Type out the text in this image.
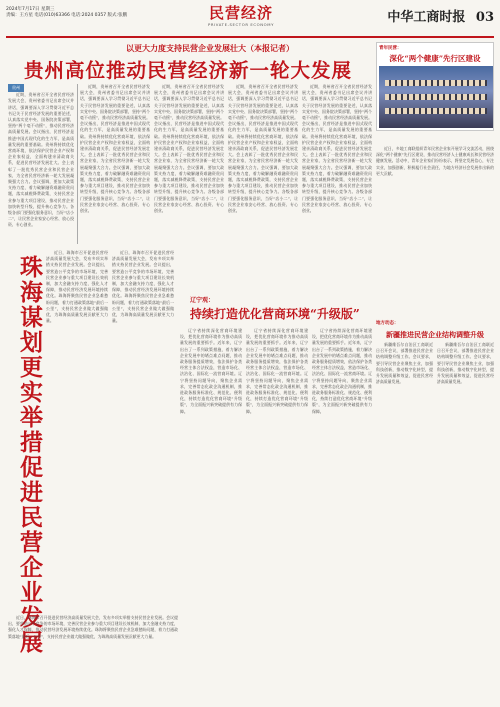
2024年7月17日 星期三
责编：王方星 电话(010)63366 电话:2024 0357 版式:张鹏	民营经济
PRIVATE-SECTOR ECONOMY	中华工商时报 03
以更大力度支持民营企业发展壮大（本报记者）
贵州高位推动民营经济新一轮大发展
贵州

近期，贵州省召开全省民营经济发展大会，贵州省委书记出席会议并讲话，强调要深入学习贯彻习近平总书记关于民营经济发展的重要论述，认真落实党中央、国务院决策部署，坚持“两个毫不动摇”，推动民营经济高质量发展。会议指出，民营经济是推进中国式现代化的生力军，是高质量发展的重要基础。贵州将持续优化营商环境，依法保护民营企业产权和企业家权益，全面构建亲清政商关系，促进民营经济发展壮大。会上表彰了一批优秀民营企业和民营企业家，为全省民营经济新一轮大发展凝聚强大合力。会议强调，要加大政策支持力度，着力破解融资难融资贵问题，落实减税降费政策，支持民营企业参与重大项目建设，推动民营企业加快转型升级，提升核心竞争力。各级各部门要强化服务意识，当好“店小二”，让民营企业家安心经营、放心投资、专心创业。

近期，贵州省召开全省民营经济发展大会，贵州省委书记出席会议并讲话，强调要深入学习贯彻习近平总书记关于民营经济发展的重要论述，认真落实党中央、国务院决策部署，坚持“两个毫不动摇”，推动民营经济高质量发展。会议指出，民营经济是推进中国式现代化的生力军，是高质量发展的重要基础。贵州将持续优化营商环境，依法保护民营企业产权和企业家权益，全面构建亲清政商关系，促进民营经济发展壮大。会上表彰了一批优秀民营企业和民营企业家，为全省民营经济新一轮大发展凝聚强大合力。会议强调，要加大政策支持力度，着力破解融资难融资贵问题，落实减税降费政策，支持民营企业参与重大项目建设，推动民营企业加快转型升级，提升核心竞争力。各级各部门要强化服务意识，当好“店小二”，让民营企业家安心经营、放心投资、专心创业。

近期，贵州省召开全省民营经济发展大会，贵州省委书记出席会议并讲话，强调要深入学习贯彻习近平总书记关于民营经济发展的重要论述，认真落实党中央、国务院决策部署，坚持“两个毫不动摇”，推动民营经济高质量发展。会议指出，民营经济是推进中国式现代化的生力军，是高质量发展的重要基础。贵州将持续优化营商环境，依法保护民营企业产权和企业家权益，全面构建亲清政商关系，促进民营经济发展壮大。会上表彰了一批优秀民营企业和民营企业家，为全省民营经济新一轮大发展凝聚强大合力。会议强调，要加大政策支持力度，着力破解融资难融资贵问题，落实减税降费政策，支持民营企业参与重大项目建设，推动民营企业加快转型升级，提升核心竞争力。各级各部门要强化服务意识，当好“店小二”，让民营企业家安心经营、放心投资、专心创业。

近期，贵州省召开全省民营经济发展大会，贵州省委书记出席会议并讲话，强调要深入学习贯彻习近平总书记关于民营经济发展的重要论述，认真落实党中央、国务院决策部署，坚持“两个毫不动摇”，推动民营经济高质量发展。会议指出，民营经济是推进中国式现代化的生力军，是高质量发展的重要基础。贵州将持续优化营商环境，依法保护民营企业产权和企业家权益，全面构建亲清政商关系，促进民营经济发展壮大。会上表彰了一批优秀民营企业和民营企业家，为全省民营经济新一轮大发展凝聚强大合力。会议强调，要加大政策支持力度，着力破解融资难融资贵问题，落实减税降费政策，支持民营企业参与重大项目建设，推动民营企业加快转型升级，提升核心竞争力。各级各部门要强化服务意识，当好“店小二”，让民营企业家安心经营、放心投资、专心创业。

近期，贵州省召开全省民营经济发展大会，贵州省委书记出席会议并讲话，强调要深入学习贯彻习近平总书记关于民营经济发展的重要论述，认真落实党中央、国务院决策部署，坚持“两个毫不动摇”，推动民营经济高质量发展。会议指出，民营经济是推进中国式现代化的生力军，是高质量发展的重要基础。贵州将持续优化营商环境，依法保护民营企业产权和企业家权益，全面构建亲清政商关系，促进民营经济发展壮大。会上表彰了一批优秀民营企业和民营企业家，为全省民营经济新一轮大发展凝聚强大合力。会议强调，要加大政策支持力度，着力破解融资难融资贵问题，落实减税降费政策，支持民营企业参与重大项目建设，推动民营企业加快转型升级，提升核心竞争力。各级各部门要强化服务意识，当好“店小二”，让民营企业家安心经营、放心投资、专心创业。

珠海谋划更实举措促进民营企业发展

近日，珠海市召开促进民营经济高质量发展大会，发布多项实举措支持民营企业发展。会议提出，要营造公平竞争的市场环境，完善民营企业参与重大项目建设长效机制，加大金融支持力度，强化人才保障，推动民营经济发展环境持续优化。珠海将聚焦民营企业急难愁盼问题，着力打通政策落地“最后一公里”，支持民营企业做大做强做优，为珠海高质量发展贡献更大力量。

近日，珠海市召开促进民营经济高质量发展大会，发布多项实举措支持民营企业发展。会议提出，要营造公平竞争的市场环境，完善民营企业参与重大项目建设长效机制，加大金融支持力度，强化人才保障，推动民营经济发展环境持续优化。珠海将聚焦民营企业急难愁盼问题，着力打通政策落地“最后一公里”，支持民营企业做大做强做优，为珠海高质量发展贡献更大力量。

近日，珠海市召开促进民营经济高质量发展大会，发布多项实举措支持民营企业发展。会议提出，要营造公平竞争的市场环境，完善民营企业参与重大项目建设长效机制，加大金融支持力度，强化人才保障，推动民营经济发展环境持续优化。珠海将聚焦民营企业急难愁盼问题，着力打通政策落地“最后一公里”，支持民营企业做大做强做优，为珠海高质量发展贡献更大力量。

辽宁观：
持续打造优化营商环境“升级版”

辽宁省持续深化营商环境建设，把优化营商环境作为推动高质量发展的重要抓手。近年来，辽宁出台了一系列政策措施，着力解决企业发展中的堵点难点问题，推动政务服务提质增效，依法保护各类经营主体合法权益，营造市场化、法治化、国际化一流营商环境。辽宁将坚持问题导向，聚焦企业需求，完善常态化政企沟通机制，推进政务服务标准化、规范化、便利化，持续打造优化营商环境“升级版”，为全面振兴新突破提供有力保障。

辽宁省持续深化营商环境建设，把优化营商环境作为推动高质量发展的重要抓手。近年来，辽宁出台了一系列政策措施，着力解决企业发展中的堵点难点问题，推动政务服务提质增效，依法保护各类经营主体合法权益，营造市场化、法治化、国际化一流营商环境。辽宁将坚持问题导向，聚焦企业需求，完善常态化政企沟通机制，推进政务服务标准化、规范化、便利化，持续打造优化营商环境“升级版”，为全面振兴新突破提供有力保障。

辽宁省持续深化营商环境建设，把优化营商环境作为推动高质量发展的重要抓手。近年来，辽宁出台了一系列政策措施，着力解决企业发展中的堵点难点问题，推动政务服务提质增效，依法保护各类经营主体合法权益，营造市场化、法治化、国际化一流营商环境。辽宁将坚持问题导向，聚焦企业需求，完善常态化政企沟通机制，推进政务服务标准化、规范化、便利化，持续打造优化营商环境“升级版”，为全面振兴新突破提供有力保障。

青年民营：
深化“两个健康”先行区建设

近日，多地工商联组织青年民营企业家开展学习交流活动，围绕深化“两个健康”先行区建设，推动民营经济人士健康成长和民营经济健康发展。活动中，青年企业家们纷纷表示，将坚定发展信心，专注实业，加强创新，积极履行社会责任，为地方经济社会发展作出新的更大贡献。

地方动态：
新疆推进民营企业结构调整升级

新疆维吾尔自治区工商联近日召开会议，部署推进民营企业结构调整升级工作。会议要求，要引导民营企业聚焦主业，加强科技创新，推动数字化转型，提升发展质量和效益，促进民营经济高质量发展。

新疆维吾尔自治区工商联近日召开会议，部署推进民营企业结构调整升级工作。会议要求，要引导民营企业聚焦主业，加强科技创新，推动数字化转型，提升发展质量和效益，促进民营经济高质量发展。
